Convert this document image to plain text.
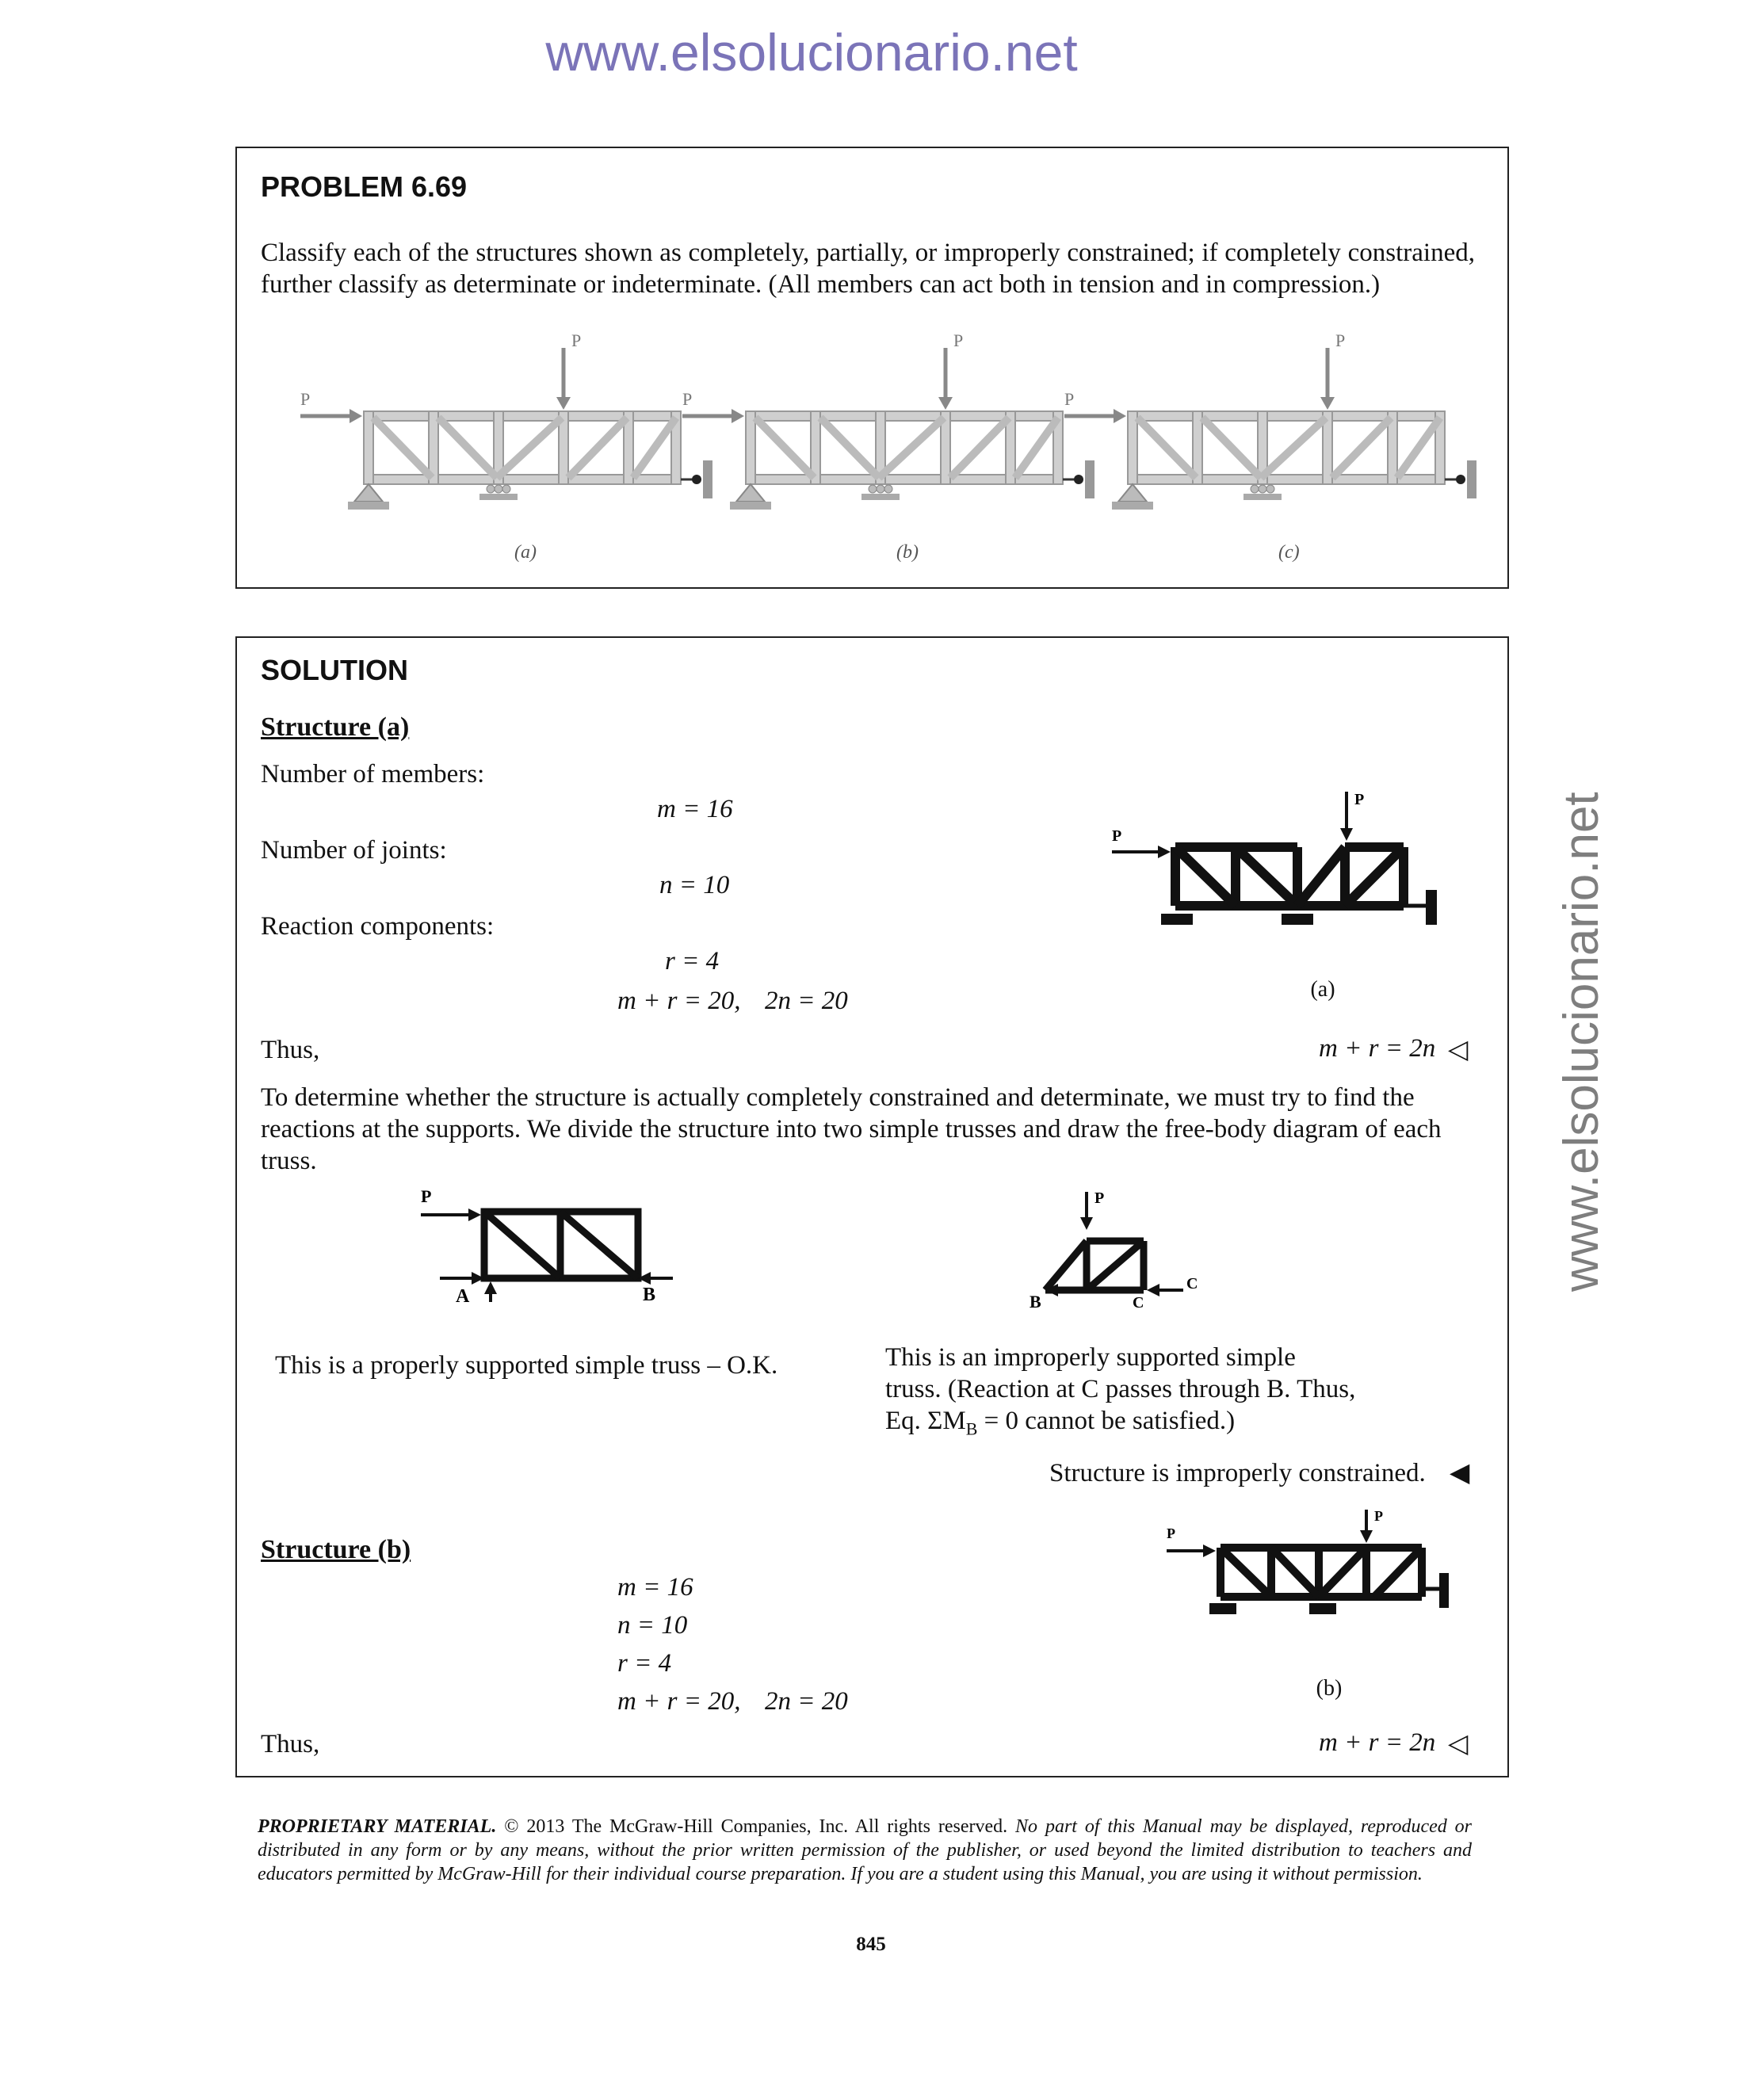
www.elsolucionario.net
www.elsolucionario.net
PROBLEM 6.69
Classify each of the structures shown as completely, partially, or improperly constrained; if completely constrained, further classify as determinate or indeterminate. (All members can act both in tension and in compression.)
P
P
(a)
P
P
(b)
P
P
(c)
SOLUTION
Structure (a)
Number of members:
m = 16
Number of joints:
n = 10
Reaction components:
r = 4
m + r = 20, 2n = 20
Thus,	m + r = 2n ◁
P
P
(a)
To determine whether the structure is actually completely constrained and determinate, we must try to find the reactions at the supports. We divide the structure into two simple trusses and draw the free-body diagram of each truss.
P
A	B
P
B	C
C
This is a properly supported simple truss – O.K.	This is an improperly supported simple
truss. (Reaction at C passes through B. Thus,
Eq. $\Sigma M_B = 0$ cannot be satisfied.)
Structure is improperly constrained. ◀
Structure (b)
m = 16
n = 10
r = 4
m + r = 20, 2n = 20
Thus,	m + r = 2n ◁
P
P
(b)
PROPRIETARY MATERIAL. © 2013 The McGraw-Hill Companies, Inc. All rights reserved. No part of this Manual may be displayed, reproduced or distributed in any form or by any means, without the prior written permission of the publisher, or used beyond the limited distribution to teachers and educators permitted by McGraw-Hill for their individual course preparation. If you are a student using this Manual, you are using it without permission.
845
